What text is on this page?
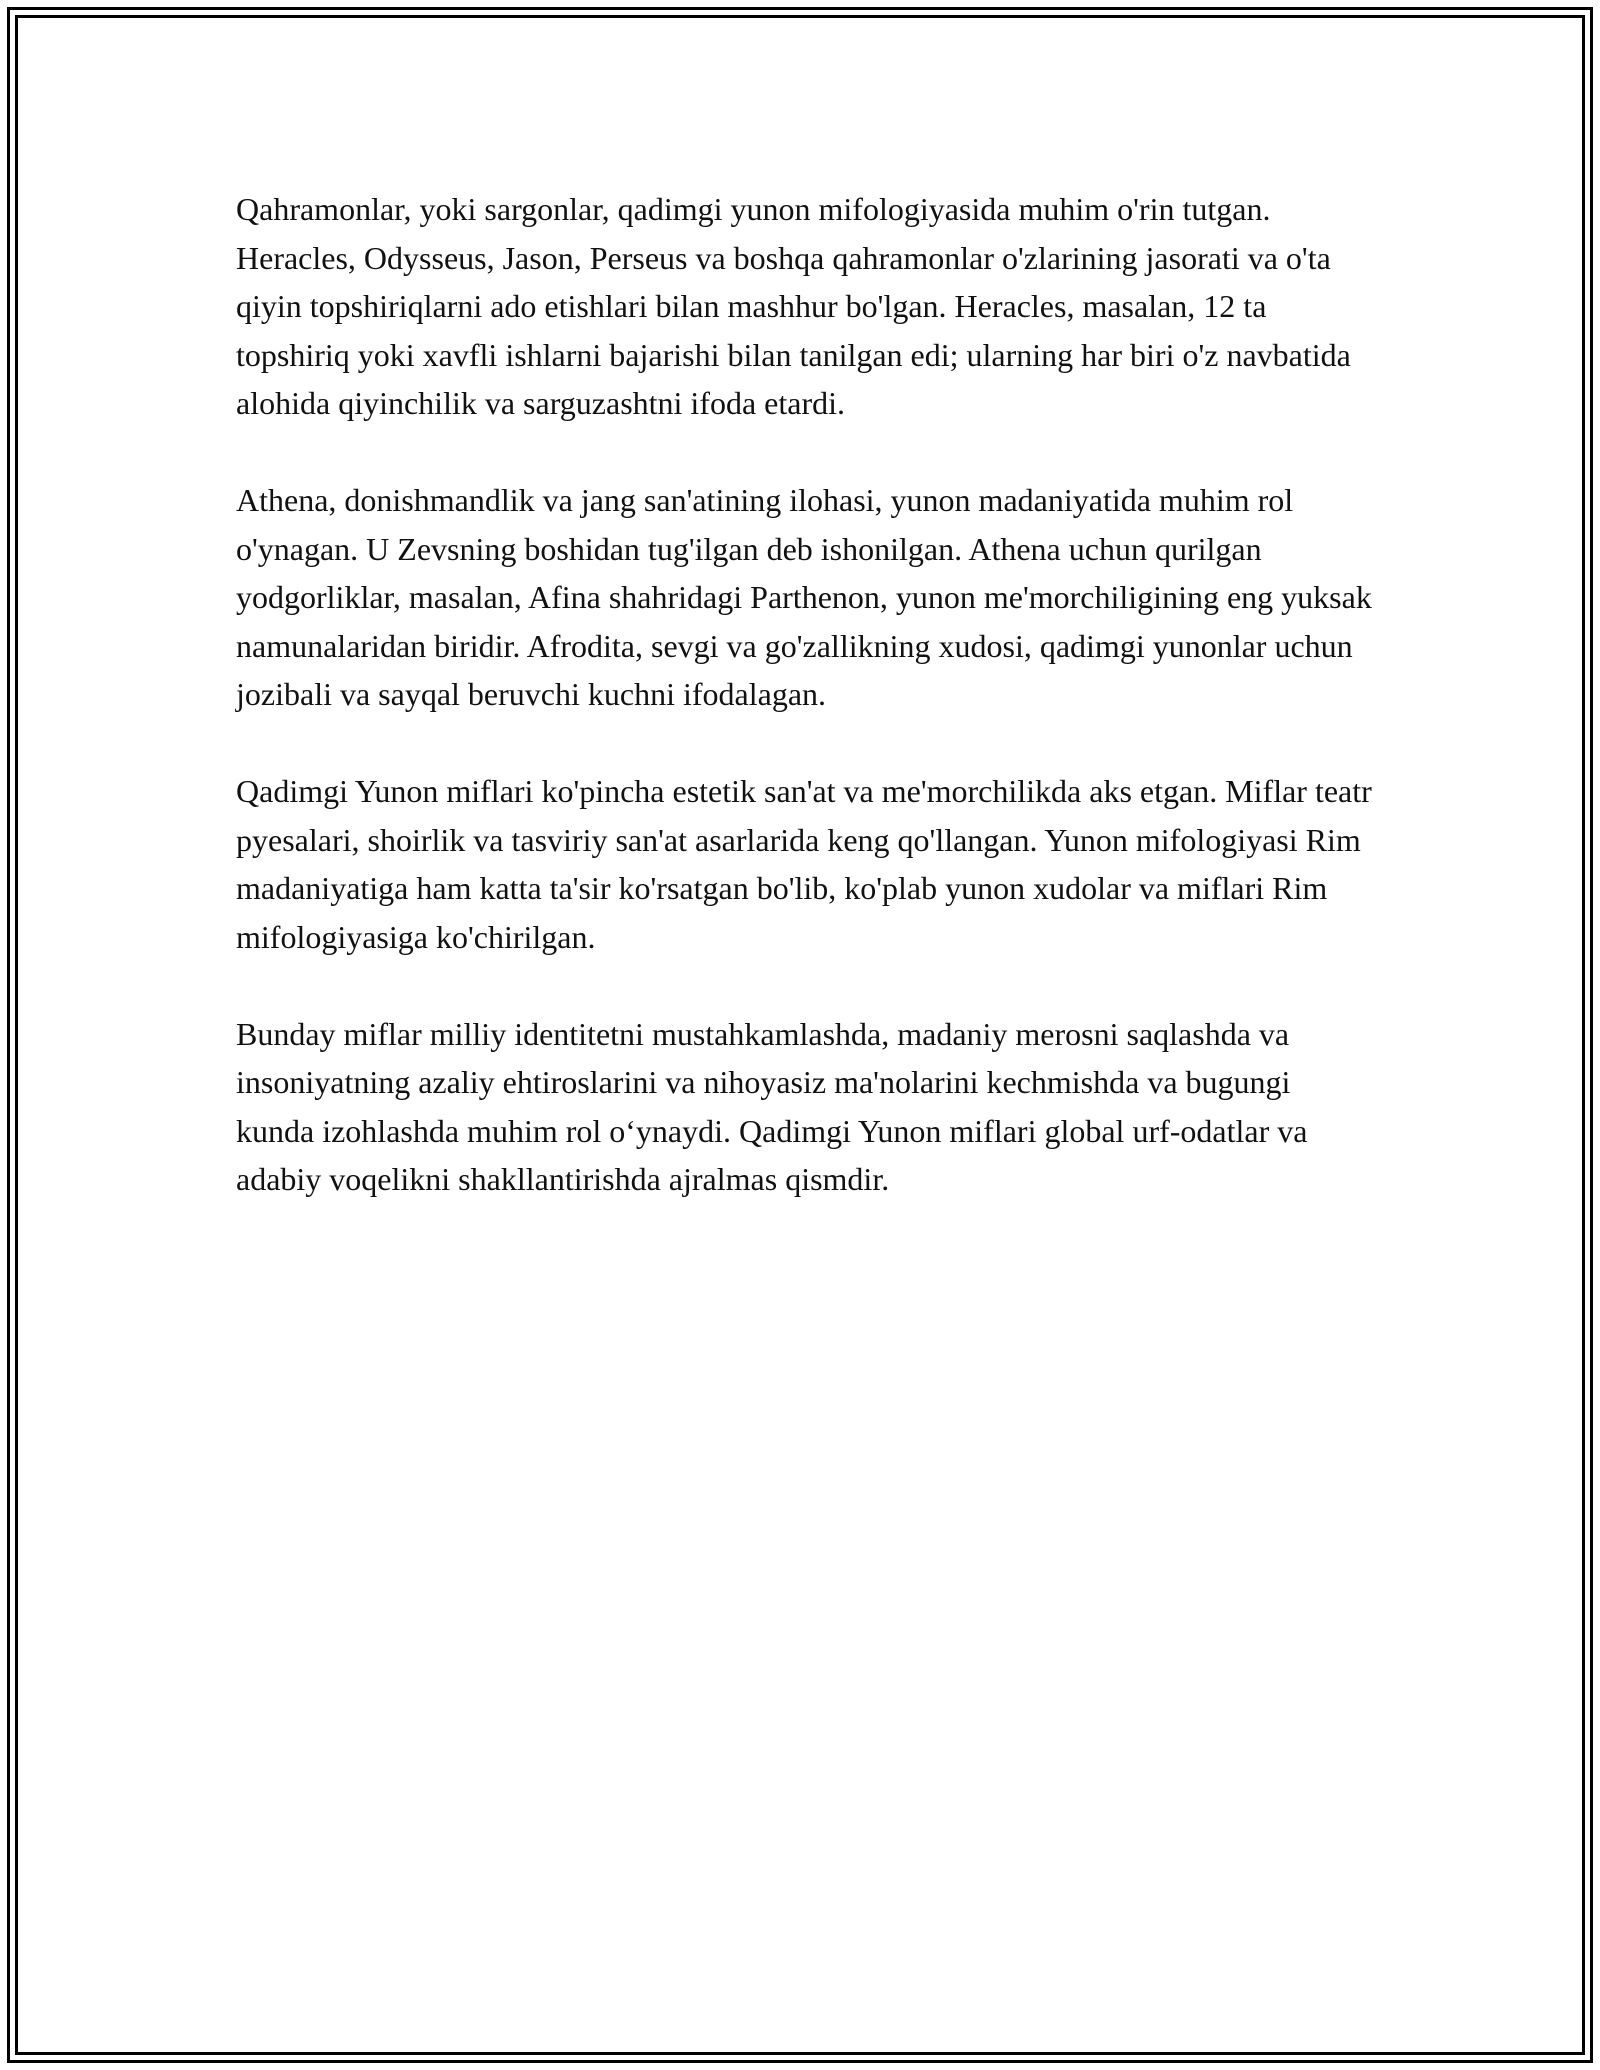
Qahramonlar, yoki sargonlar, qadimgi yunon mifologiyasida muhim o'rin tutgan. Heracles, Odysseus, Jason, Perseus va boshqa qahramonlar o'zlarining jasorati va o'ta qiyin topshiriqlarni ado etishlari bilan mashhur bo'lgan. Heracles, masalan, 12 ta topshiriq yoki xavfli ishlarni bajarishi bilan tanilgan edi; ularning har biri o'z navbatida alohida qiyinchilik va sarguzashtni ifoda etardi.

Athena, donishmandlik va jang san'atining ilohasi, yunon madaniyatida muhim rol o'ynagan. U Zevsning boshidan tug'ilgan deb ishonilgan. Athena uchun qurilgan yodgorliklar, masalan, Afina shahridagi Parthenon, yunon me'morchiligining eng yuksak namunalaridan biridir. Afrodita, sevgi va go'zallikning xudosi, qadimgi yunonlar uchun jozibali va sayqal beruvchi kuchni ifodalagan.

Qadimgi Yunon miflari ko'pincha estetik san'at va me'morchilikda aks etgan. Miflar teatr pyesalari, shoirlik va tasviriy san'at asarlarida keng qo'llangan. Yunon mifologiyasi Rim madaniyatiga ham katta ta'sir ko'rsatgan bo'lib, ko'plab yunon xudolar va miflari Rim mifologiyasiga ko'chirilgan.

Bunday miflar milliy identitetni mustahkamlashda, madaniy merosni saqlashda va insoniyatning azaliy ehtiroslarini va nihoyasiz ma'nolarini kechmishda va bugungi kunda izohlashda muhim rol o‘ynaydi. Qadimgi Yunon miflari global urf-odatlar va adabiy voqelikni shakllantirishda ajralmas qismdir.
